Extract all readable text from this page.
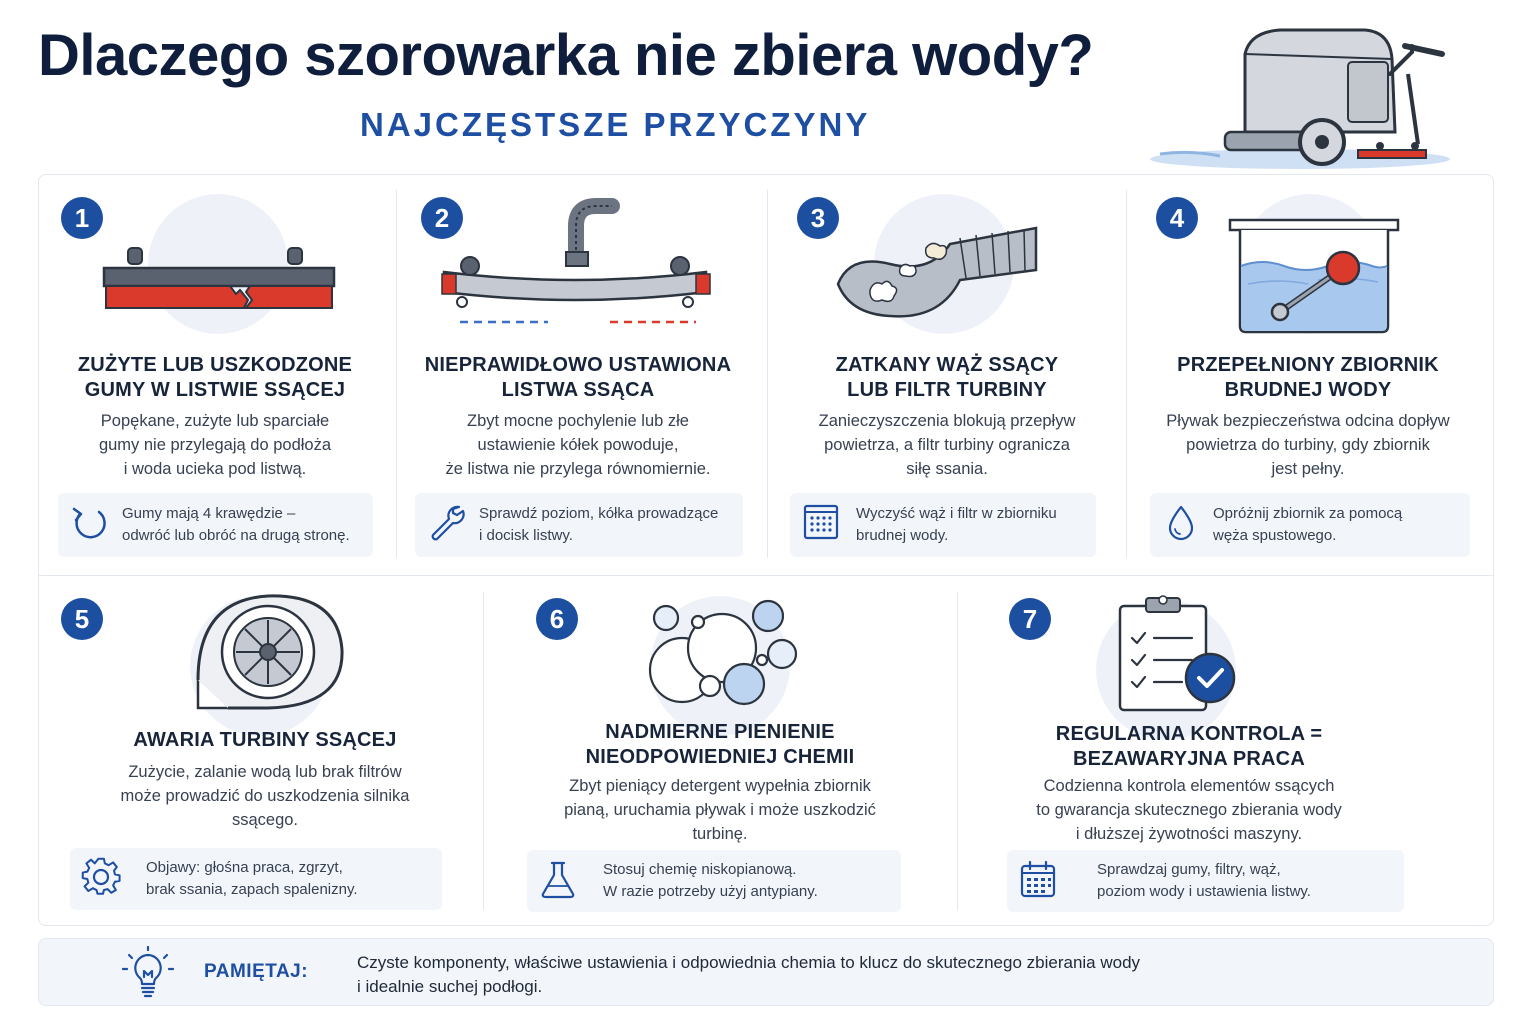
Dlaczego szorowarka nie zbiera wody?
NAJCZĘSTSZE PRZYCZYNY
1
ZUŻYTE LUB USZKODZONE
GUMY W LISTWIE SSĄCEJ
Popękane, zużyte lub sparciałe
gumy nie przylegają do podłoża
i woda ucieka pod listwą.
Gumy mają 4 krawędzie –
odwróć lub obróć na drugą stronę.
2
NIEPRAWIDŁOWO USTAWIONA
LISTWA SSĄCA
Zbyt mocne pochylenie lub złe
ustawienie kółek powoduje,
że listwa nie przylega równomiernie.
Sprawdź poziom, kółka prowadzące
i docisk listwy.
3
ZATKANY WĄŻ SSĄCY
LUB FILTR TURBINY
Zanieczyszczenia blokują przepływ
powietrza, a filtr turbiny ogranicza
siłę ssania.
Wyczyść wąż i filtr w zbiorniku
brudnej wody.
4
PRZEPEŁNIONY ZBIORNIK
BRUDNEJ WODY
Pływak bezpieczeństwa odcina dopływ
powietrza do turbiny, gdy zbiornik
jest pełny.
Opróżnij zbiornik za pomocą
węża spustowego.
5
AWARIA TURBINY SSĄCEJ
Zużycie, zalanie wodą lub brak filtrów
może prowadzić do uszkodzenia silnika
ssącego.
Objawy: głośna praca, zgrzyt,
brak ssania, zapach spalenizny.
6
NADMIERNE PIENIENIE
NIEODPOWIEDNIEJ CHEMII
Zbyt pieniący detergent wypełnia zbiornik
pianą, uruchamia pływak i może uszkodzić
turbinę.
Stosuj chemię niskopianową.
W razie potrzeby użyj antypiany.
7
REGULARNA KONTROLA =
BEZAWARYJNA PRACA
Codzienna kontrola elementów ssących
to gwarancja skutecznego zbierania wody
i dłuższej żywotności maszyny.
Sprawdzaj gumy, filtry, wąż,
poziom wody i ustawienia listwy.
PAMIĘTAJ:	Czyste komponenty, właściwe ustawienia i odpowiednia chemia to klucz do skutecznego zbierania wody
i idealnie suchej podłogi.
